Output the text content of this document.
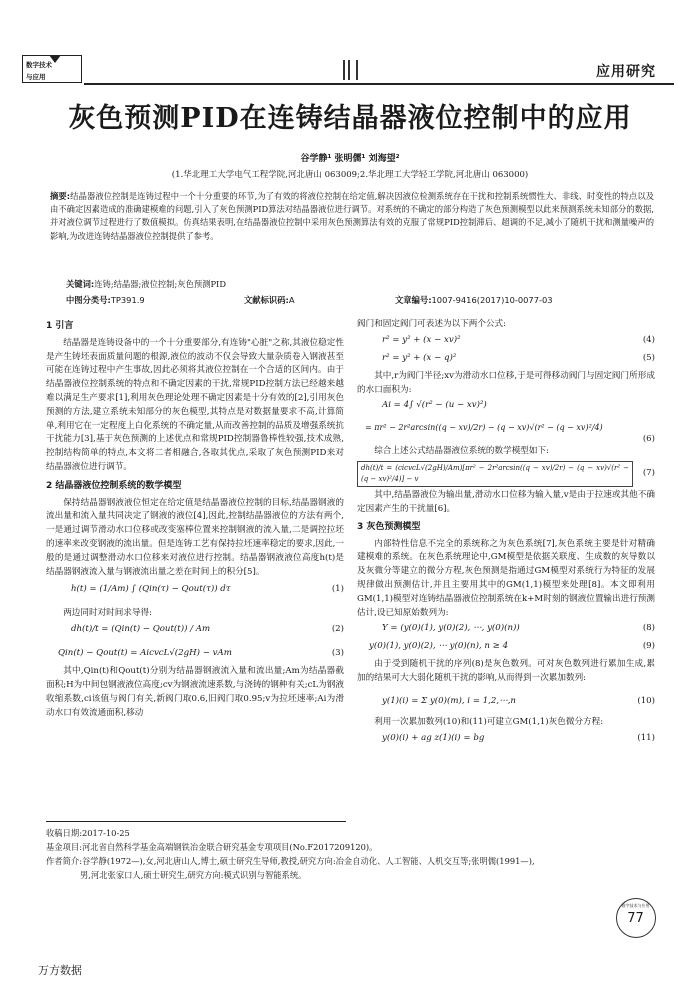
数字技术
与应用	应用研究
灰色预测PID在连铸结晶器液位控制中的应用
谷学静¹ 张明儒¹ 刘海望²
(1.华北理工大学电气工程学院,河北唐山 063009;2.华北理工大学轻工学院,河北唐山 063000)
摘要:结晶器液位控制是连铸过程中一个十分重要的环节,为了有效的将液位控制在给定值,解决因液位检测系统存在干扰和控制系统惯性大、非线、时变性的特点以及由不确定因素造成的准确建模难的问题,引入了灰色预测PID算法对结晶器液位进行调节。对系统的不确定的部分构造了灰色预测模型以此来预测系统未知部分的数据,并对液位调节过程进行了数值模拟。仿真结果表明,在结晶器液位控制中采用灰色预测算法有效的克服了常规PID控制滞后、超调的不足,减小了随机干扰和测量噪声的影响,为改进连铸结晶器液位控制提供了参考。
关键词:连铸;结晶器;液位控制;灰色预测PID
中图分类号:TP391.9	文献标识码:A	文章编号:1007-9416(2017)10-0077-03
1 引言

结晶器是连铸设备中的一个十分重要部分,有连铸"心脏"之称,其液位稳定性是产生铸坯表面质量问题的根源,液位的波动不仅会导致大量杂质卷入钢液甚至可能在连铸过程中产生事故,因此必须将其液位控制在一个合适的区间内。由于结晶器液位控制系统的特点和不确定因素的干扰,常规PID控制方法已经越来越难以满足生产要求[1],利用灰色理论处理不确定因素是十分有效的[2],引用灰色预测的方法,建立系统未知部分的灰色模型,其特点是对数据量要求不高,计算简单,利用它在一定程度上白化系统的不确定量,从而改善控制的品质及增强系统抗干扰能力[3],基于灰色预测的上述优点和常规PID控制器鲁棒性较强,技术成熟,控制结构简单的特点,本文将二者相融合,各取其优点,采取了灰色预测PID来对结晶器液位进行调节。

2 结晶器液位控制系统的数学模型

保持结晶器钢液液位恒定在给定值是结晶器液位控制的目标,结晶器钢液的流出量和流入量共同决定了钢液的液位[4],因此,控制结晶器液位的方法有两个,一是通过调节滑动水口位移或改变塞棒位置来控制钢液的流入量,二是调控拉坯的速率来改变钢液的流出量。但是连铸工艺有保持拉坯速率稳定的要求,因此,一般的是通过调整滑动水口位移来对液位进行控制。结晶器钢液液位高度h(t)是结晶器钢液流入量与钢液流出量之差在时间上的积分[5]。

h(t) = (1/Am) ∫ (Qin(τ) − Qout(τ)) dτ	(1)

两边同时对时间求导得:

dh(t)/t = (Qin(t) − Qout(t)) / Am	(2)
Qin(t) − Qout(t) = AicvcL√(2gH) − vAm	(3)

其中,Qin(t)和Qout(t)分别为结晶器钢液流入量和流出量;Am为结晶器截面积;H为中间包钢液液位高度;cv为钢液流速系数,与浇铸的钢种有关;cL为钢液收缩系数,ci该值与阀门有关,新阀门取0.6,旧阀门取0.95;v为拉坯速率;Ai为滑动水口有效流通面积,移动

阀门和固定阀门可表述为以下两个公式:

r² = y² + (x − xv)²	(4)
r² = y² + (x − q)²	(5)

其中,r为阀门半径;xv为滑动水口位移,于是可得移动阀门与固定阀门所形成的水口面积为:

Ai = 4∫ √(r² − (u − xv)²)
= πr² − 2r²arcsin((q − xv)/2r) − (q − xv)√(r² − (q − xv)²/4)
(6)

综合上述公式结晶器液位系统的数学模型如下:

dh(t)/t = (cicvcL√(2gH)/Am)[πr² − 2r²arcsin((q − xv)/2r) − (q − xv)√(r² − (q − xv)²/4)] − v
(7)

其中,结晶器液位为输出量,滑动水口位移为输入量,v是由于拉速或其他不确定因素产生的干扰量[6]。

3 灰色预测模型

内部特性信息不完全的系统称之为灰色系统[7],灰色系统主要是针对精确建模难的系统。在灰色系统理论中,GM模型是依据关联度、生成数的灰导数以及灰微分等建立的微分方程,灰色预测是指通过GM模型对系统行为特征的发展规律做出预测估计,并且主要用其中的GM(1,1)模型来处理[8]。本文即利用GM(1,1)模型对连铸结晶器液位控制系统在k+M时刻的钢液位置输出进行预测估计,设已知原始数列为:

Y = (y(0)(1), y(0)(2), ⋯, y(0)(n))	(8)
y(0)(1), y(0)(2), ⋯ y(0)(n), n ≥ 4	(9)

由于受到随机干扰的序列(8)是灰色数列。可对灰色数列进行累加生成,累加的结果可大大弱化随机干扰的影响,从而得到一次累加数列:

y(1)(i) = Σ y(0)(m), i = 1,2,⋯,n	(10)

利用一次累加数列(10)和(11)可建立GM(1,1)灰色微分方程:

y(0)(i) + ag z(1)(i) = bg	(11)
收稿日期:2017-10-25
基金项目:河北省自然科学基金高端钢铁冶金联合研究基金专项项目(No.F2017209120)。
作者简介:谷学静(1972—),女,河北唐山人,博士,硕士研究生导师,教授,研究方向:冶金自动化、人工智能、人机交互等;张明儒(1991—),
男,河北张家口人,硕士研究生,研究方向:模式识别与智能系统。
数字技术与应用
77
万方数据
